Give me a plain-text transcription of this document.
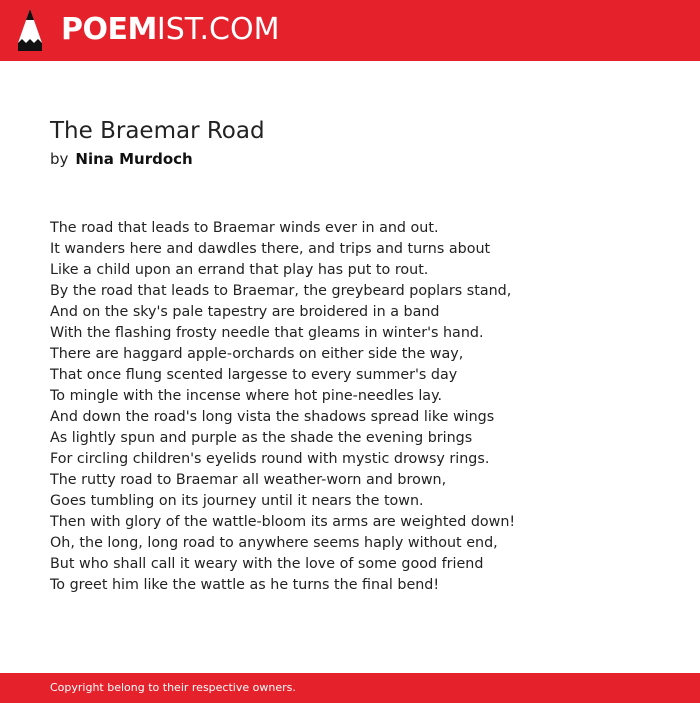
POEMIST.COM
The Braemar Road
by Nina Murdoch
The road that leads to Braemar winds ever in and out.
It wanders here and dawdles there, and trips and turns about
Like a child upon an errand that play has put to rout.
By the road that leads to Braemar, the greybeard poplars stand,
And on the sky's pale tapestry are broidered in a band
With the flashing frosty needle that gleams in winter's hand.
There are haggard apple-orchards on either side the way,
That once flung scented largesse to every summer's day
To mingle with the incense where hot pine-needles lay.
And down the road's long vista the shadows spread like wings
As lightly spun and purple as the shade the evening brings
For circling children's eyelids round with mystic drowsy rings.
The rutty road to Braemar all weather-worn and brown,
Goes tumbling on its journey until it nears the town.
Then with glory of the wattle-bloom its arms are weighted down!
Oh, the long, long road to anywhere seems haply without end,
But who shall call it weary with the love of some good friend
To greet him like the wattle as he turns the final bend!
Copyright belong to their respective owners.
